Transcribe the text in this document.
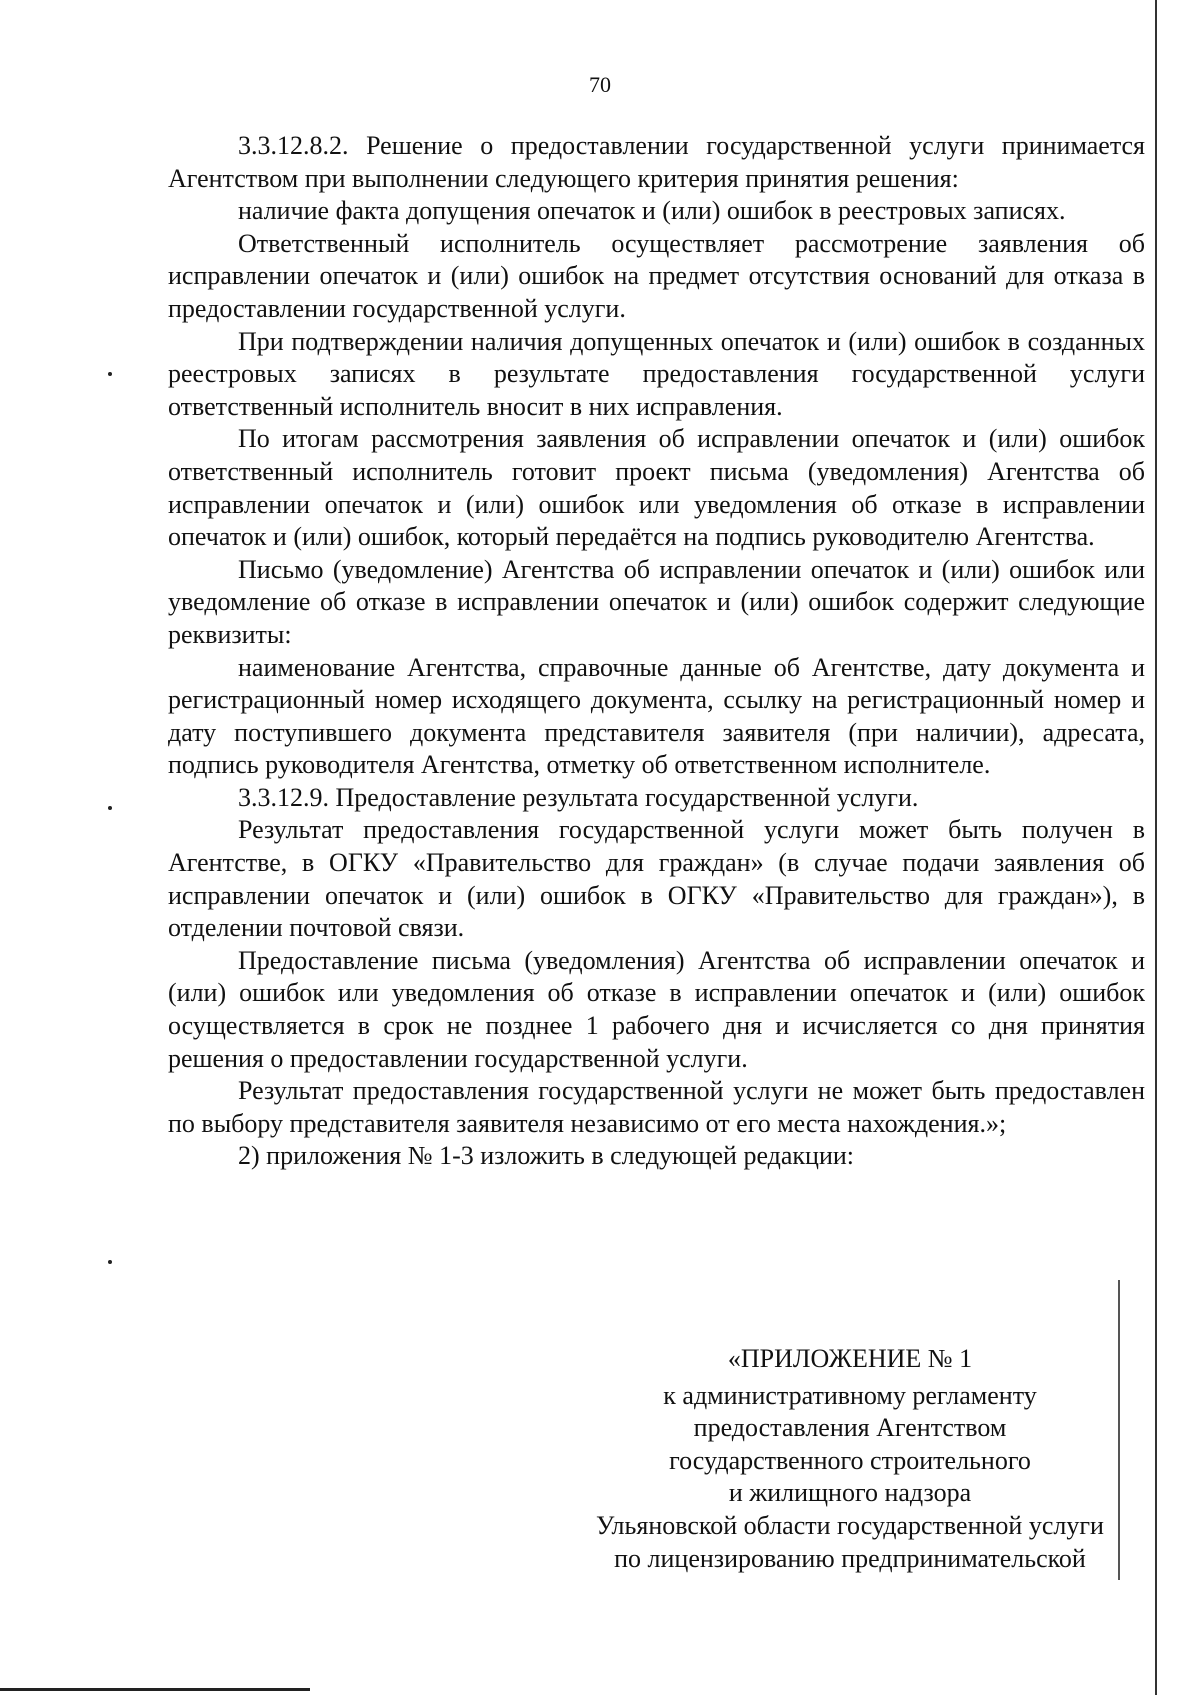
70

3.3.12.8.2. Решение о предоставлении государственной услуги принимается Агентством при выполнении следующего критерия принятия решения:

наличие факта допущения опечаток и (или) ошибок в реестровых записях.

Ответственный исполнитель осуществляет рассмотрение заявления об исправлении опечаток и (или) ошибок на предмет отсутствия оснований для отказа в предоставлении государственной услуги.

При подтверждении наличия допущенных опечаток и (или) ошибок в созданных реестровых записях в результате предоставления государственной услуги ответственный исполнитель вносит в них исправления.

По итогам рассмотрения заявления об исправлении опечаток и (или) ошибок ответственный исполнитель готовит проект письма (уведомления) Агентства об исправлении опечаток и (или) ошибок или уведомления об отказе в исправлении опечаток и (или) ошибок, который передаётся на подпись руководителю Агентства.

Письмо (уведомление) Агентства об исправлении опечаток и (или) ошибок или уведомление об отказе в исправлении опечаток и (или) ошибок содержит следующие реквизиты:

наименование Агентства, справочные данные об Агентстве, дату документа и регистрационный номер исходящего документа, ссылку на регистрационный номер и дату поступившего документа представителя заявителя (при наличии), адресата, подпись руководителя Агентства, отметку об ответственном исполнителе.

3.3.12.9. Предоставление результата государственной услуги.

Результат предоставления государственной услуги может быть получен в Агентстве, в ОГКУ «Правительство для граждан» (в случае подачи заявления об исправлении опечаток и (или) ошибок в ОГКУ «Правительство для граждан»), в отделении почтовой связи.

Предоставление письма (уведомления) Агентства об исправлении опечаток и (или) ошибок или уведомления об отказе в исправлении опечаток и (или) ошибок осуществляется в срок не позднее 1 рабочего дня и исчисляется со дня принятия решения о предоставлении государственной услуги.

Результат предоставления государственной услуги не может быть предоставлен по выбору представителя заявителя независимо от его места нахождения.»;

2) приложения № 1-3 изложить в следующей редакции:

«ПРИЛОЖЕНИЕ № 1
к административному регламенту
предоставления Агентством
государственного строительного
и жилищного надзора
Ульяновской области государственной услуги
по лицензированию предпринимательской
